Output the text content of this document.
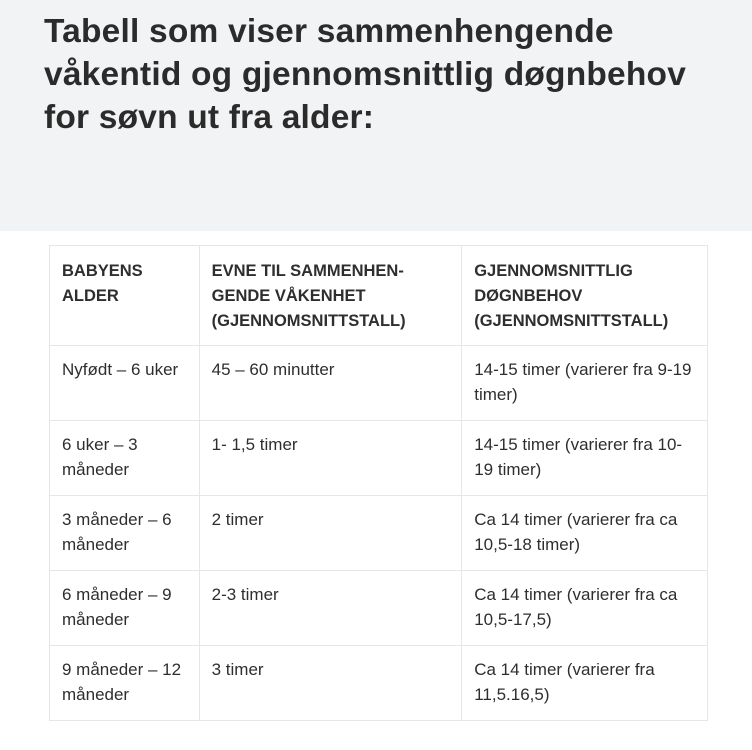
Tabell som viser sammenhengende våkentid og gjennomsnittlig døgnbehov for søvn ut fra alder:
BABYENS ALDER	EVNE TIL SAMMENHEN-GENDE VÅKENHET (GJENNOMSNITTSTALL)	GJENNOMSNITTLIG DØGNBEHOV (GJENNOMSNITTSTALL)
Nyfødt – 6 uker	45 – 60 minutter	14-15 timer (varierer fra 9-19 timer)
6 uker – 3 måneder	1- 1,5 timer	14-15 timer (varierer fra 10-19 timer)
3 måneder – 6 måneder	2 timer	Ca 14 timer (varierer fra ca 10,5-18 timer)
6 måneder – 9 måneder	2-3 timer	Ca 14 timer (varierer fra ca 10,5-17,5)
9 måneder – 12 måneder	3 timer	Ca 14 timer (varierer fra 11,5.16,5)
